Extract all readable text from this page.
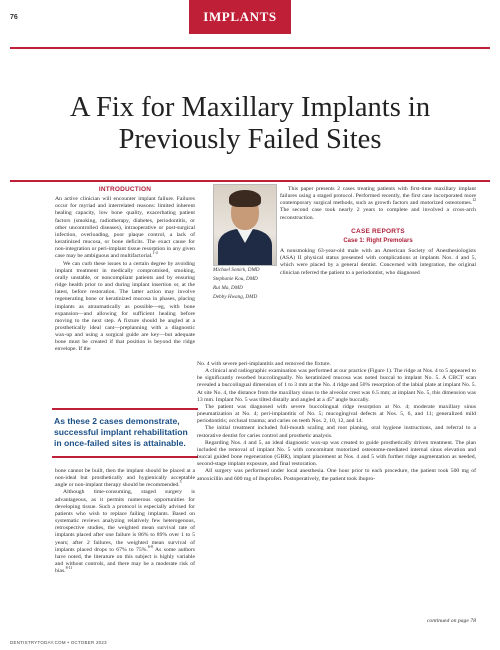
76	IMPLANTS
A Fix for Maxillary Implants in Previously Failed Sites
INTRODUCTION

An active clinician will encounter implant failure. Failures occur for myriad and interrelated reasons: limited inherent healing capacity, low bone quality, exacerbating patient factors (smoking, radiotherapy, diabetes, periodontitis, or other uncontrolled diseases), intraoperative or post-surgical infection, overloading, poor plaque control, a lack of keratinized mucosa, or bone deficits. The exact cause for non-integration or peri-implant tissue resorption in any given case may be ambiguous and multifactorial.$^{1-4}$

We can curb these issues to a certain degree by avoiding implant treatment in medically compromised, smoking, orally unstable, or noncompliant patients and by ensuring ridge health prior to and during implant insertion or, at the latest, before restoration. The latter action may involve regenerating bone or keratinized mucosa in phases, placing implants as atraumatically as possible—eg, with bone expansion—and allowing for sufficient healing before moving to the next step. A fixture should be angled at a prosthetically ideal cant—preplanning with a diagnostic wax-up and using a surgical guide are key—but adequate bone must be created if that position is beyond the ridge envelope. If the

As these 2 cases demonstrate, successful implant rehabilitation in once-failed sites is attainable.

bone cannot be built, then the implant should be placed at a non-ideal but prosthetically and hygienically acceptable angle or non-implant therapy should be recommended.$^5$

Although time-consuming, staged surgery is advantageous, as it permits numerous opportunities for developing tissue. Such a protocol is especially advised for patients who wish to replace failing implants. Based on systematic reviews analyzing relatively few heterogenous, retrospective studies, the weighted mean survival rate of implants placed after one failure is 86% to 89% over 1 to 5 years; after 2 failures, the weighted mean survival of implants placed drops to 67% to 75%.$^{6-8}$ As some authors have noted, the literature on this subject is highly variable and without controls, and there may be a moderate risk of bias.$^{8-11}$

Michael Sonick, DMD
Stephanie Kou, DMD
Rui Ma, DMD
Debby Hwang, DMD

This paper presents 2 cases treating patients with first-time maxillary implant failures using a staged protocol. Performed recently, the first case incorporated more contemporary surgical methods, such as growth factors and motorized osteotomes.$^{12}$ The second case took nearly 2 years to complete and involved a cross-arch reconstruction.

CASE REPORTS
Case 1: Right Premolars

A nonsmoking 63-year-old male with an American Society of Anesthesiologists (ASA) II physical status presented with complications at implants Nos. 4 and 5, which were placed by a general dentist. Concerned with integration, the original clinician referred the patient to a periodontist, who diagnosed

No. 4 with severe peri-implantitis and removed the fixture.

A clinical and radiographic examination was performed at our practice (Figure 1). The ridge at Nos. 4 to 5 appeared to be significantly resorbed buccolingually. No keratinized mucosa was noted buccal to implant No. 5. A CBCT scan revealed a buccolingual dimension of 1 to 3 mm at the No. 4 ridge and 50% resorption of the labial plate at implant No. 5. At site No. 4, the distance from the maxillary sinus to the alveolar crest was 6.5 mm; at implant No. 5, this dimension was 13 mm. Implant No. 5 was tilted distally and angled at a 45° angle buccally.

The patient was diagnosed with severe buccolingual ridge resorption at No. 4; moderate maxillary sinus pneumatization at No. 4; peri-implantitis of No. 5; mucogingival defects at Nos. 5, 6, and 11; generalized mild periodontitis; occlusal trauma; and caries on teeth Nos. 2, 10, 12, and 14.

The initial treatment included full-mouth scaling and root planing, oral hygiene instructions, and referral to a restorative dentist for caries control and prosthetic analysis.

Regarding Nos. 4 and 5, an ideal diagnostic wax-up was created to guide prosthetically driven treatment. The plan included the removal of implant No. 5 with concomitant motorized osteotome-mediated internal sinus elevation and buccal guided bone regeneration (GBR), implant placement at Nos. 4 and 5 with further ridge augmentation as needed, second-stage implant exposure, and final restoration.

All surgery was performed under local anesthesia. One hour prior to each procedure, the patient took 500 mg of amoxicillin and 600 mg of ibuprofen. Postoperatively, the patient took ibupro-

continued on page 78
DENTISTRYTODAY.COM • OCTOBER 2023
